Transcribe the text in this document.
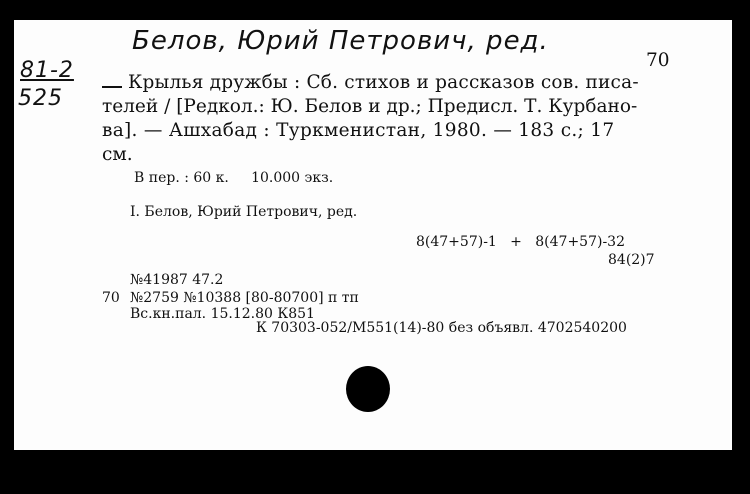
Белов, Юрий Петрович, ред.
81-2
525
70
Крылья дружбы : Сб. стихов и рассказов сов. писа-
телей / [Редкол.: Ю. Белов и др.; Предисл. Т. Курбано-
ва]. — Ашхабад : Туркменистан, 1980. — 183 с.; 17
см.
В пер. : 60 к.     10.000 экз.
I. Белов, Юрий Петрович, ред.
8(47+57)-1   +   8(47+57)-32
84(2)7
№41987 47.2
70 №2759 №10388 [80-80700] п тп
Вс.кн.пал. 15.12.80 К851
К 70303-052/М551(14)-80 без объявл. 4702540200
